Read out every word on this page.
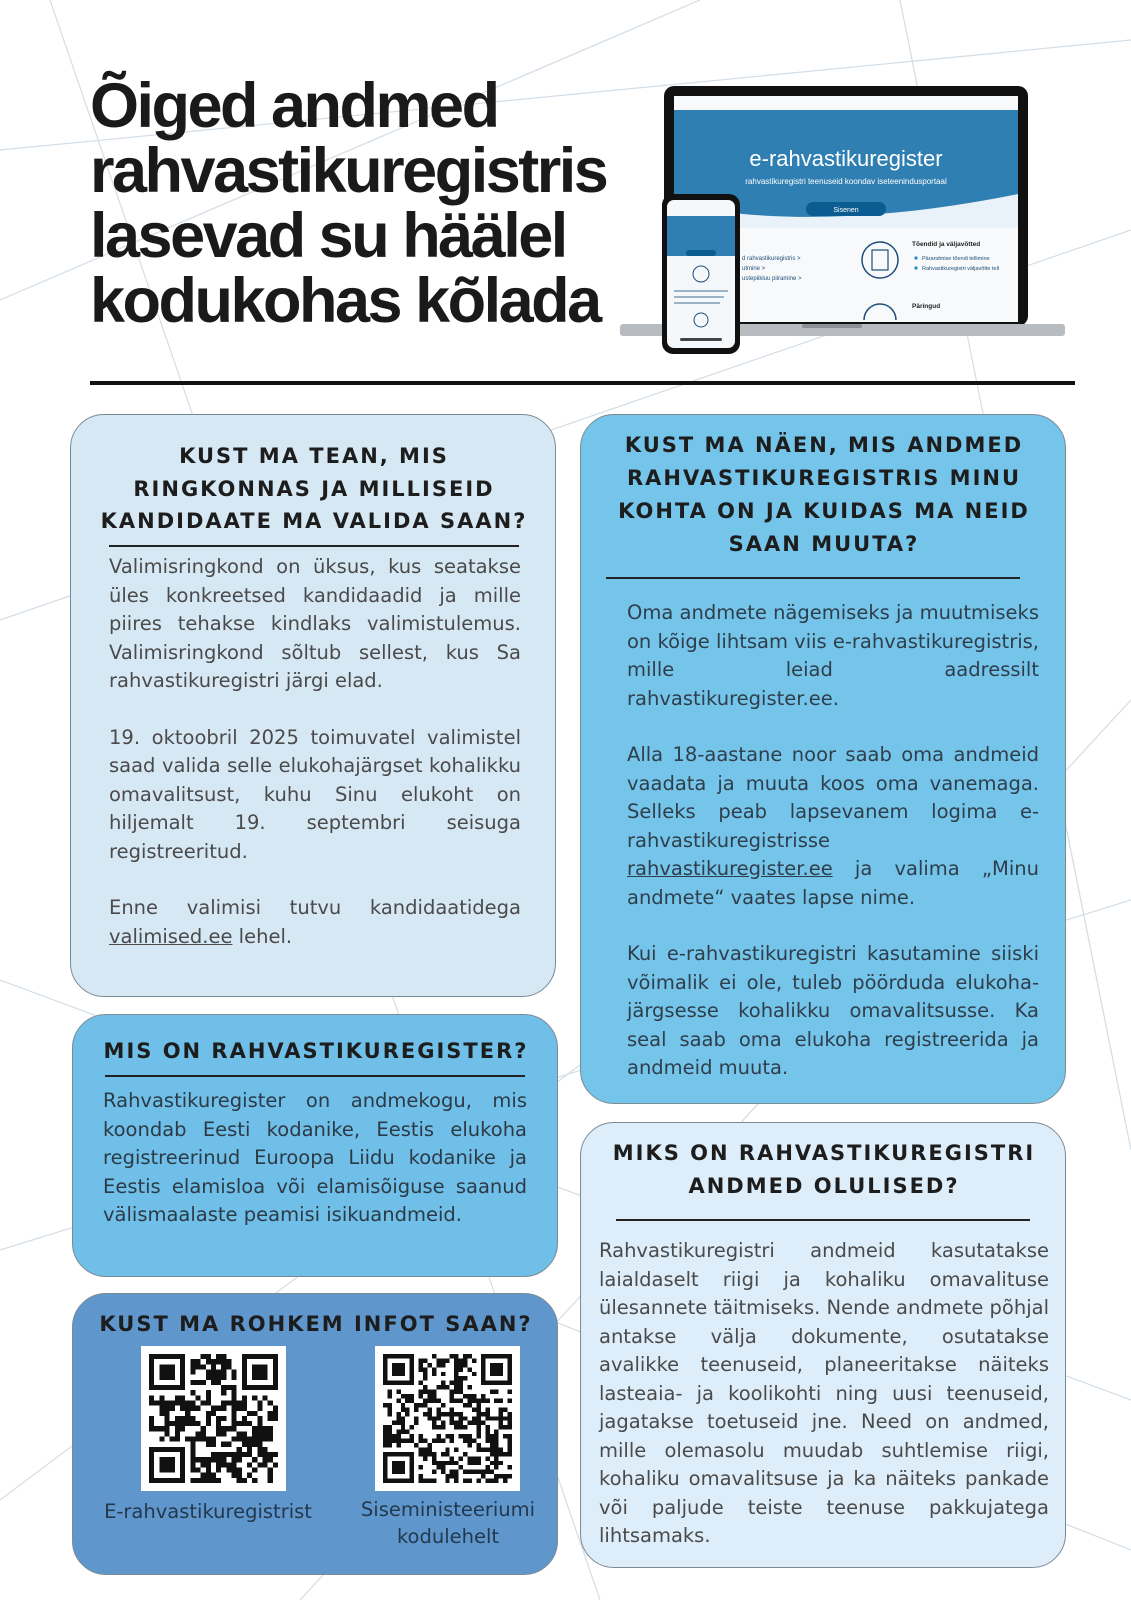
Õiged andmed
rahvastikuregistris
lasevad su häälel
kodukohas kõlada
e-rahvastikuregister
rahvastikuregistri teenuseid koondav iseteenindusportaal
Sisenen
d rahvastikuregistris >
utmine >
ustepiikluu piiramine >
Tõendid ja väljavõtted
Pärandmise tõendi tellimine
Rahvastikuregistri väljavõtte tell
Päringud
KUST MA TEAN, MIS RINGKONNAS JA MILLISEID KANDIDAATE MA VALIDA SAAN?

Valimisringkond on üksus, kus seatakse üles konkreetsed kandidaadid ja mille piires tehakse kindlaks valimistulemus. Valimisringkond sõltub sellest, kus Sa rahvastikuregistri järgi elad.

19. oktoobril 2025 toimuvatel valimistel saad valida selle elukohajärgset kohalikku omavalitsust, kuhu Sinu elukoht on hiljemalt 19. septembri seisuga registreeritud.

Enne valimisi tutvu kandidaatidega valimised.ee lehel.

MIS ON RAHVASTIKUREGISTER?

Rahvastikuregister on andmekogu, mis koondab Eesti kodanike, Eestis elukoha registreerinud Euroopa Liidu kodanike ja Eestis elamisloa või elamisõiguse saanud välismaalaste peamisi isikuandmeid.

KUST MA ROHKEM INFOT SAAN?
E-rahvastikuregistrist	Siseministeeriumi kodulehelt
KUST MA NÄEN, MIS ANDMED RAHVASTIKUREGISTRIS MINU KOHTA ON JA KUIDAS MA NEID SAAN MUUTA?

Oma andmete nägemiseks ja muutmiseks on kõige lihtsam viis e-rahvastikuregistris, mille leiad aadressilt rahvastikuregister.ee.

Alla 18-aastane noor saab oma andmeid vaadata ja muuta koos oma vanemaga. Selleks peab lapsevanem logima e-rahvastikuregistrisse rahvastikuregister.ee ja valima „Minu andmete“ vaates lapse nime.

Kui e-rahvastikuregistri kasutamine siiski võimalik ei ole, tuleb pöörduda elukoha-järgsesse kohalikku omavalitsusse. Ka seal saab oma elukoha registreerida ja andmeid muuta.

MIKS ON RAHVASTIKUREGISTRI ANDMED OLULISED?

Rahvastikuregistri andmeid kasutatakse laialdaselt riigi ja kohaliku omavalituse ülesannete täitmiseks. Nende andmete põhjal antakse välja dokumente, osutatakse avalikke teenuseid, planeeritakse näiteks lasteaia- ja koolikohti ning uusi teenuseid, jagatakse toetuseid jne. Need on andmed, mille olemasolu muudab suhtlemise riigi, kohaliku omavalitsuse ja ka näiteks pankade või paljude teiste teenuse pakkujatega lihtsamaks.
